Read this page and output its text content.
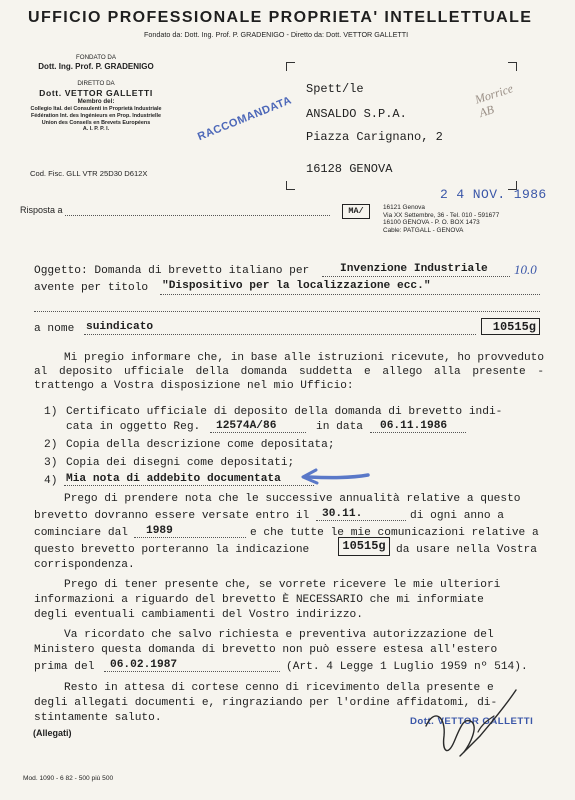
UFFICIO PROFESSIONALE PROPRIETA' INTELLETTUALE
Fondato da: Dott. Ing. Prof. P. GRADENIGO - Diretto da: Dott. VETTOR GALLETTI
FONDATO DA
Dott. Ing. Prof. P. GRADENIGO
DIRETTO DA
Dott. VETTOR GALLETTI
Membro del:
Collegio Ital. dei Consulenti in Proprietà Industriale
Fédération Int. des Ingénieurs en Prop. Industrielle
Union des Conseils en Brevets Européens
A. I. P. P. I.
Cod. Fisc. GLL VTR 25D30 D612X
RACCOMANDATA
Spett/le
ANSALDO S.P.A.
Piazza Carignano, 2
16128 GENOVA
Morrice AB
2 4 NOV. 1986
Risposta a	MA/	16121 Genova
Via XX Settembre, 36 - Tel. 010 - 591677
16100 GENOVA - P. O. BOX 1473
Cable: PATGALL - GENOVA
Oggetto: Domanda di brevetto italiano per	Invenzione Industriale 10.0
avente per titolo "Dispositivo per la localizzazione ecc."
a nome suindicato	10515g
Mi pregio informare che, in base alle istruzioni ricevute, ho provveduto al deposito ufficiale della domanda suddetta e allego alla presente - trattengo a Vostra disposizione nel mio Ufficio:
1) Certificato ufficiale di deposito della domanda di brevetto indi-
cata in oggetto Reg. 12574A/86	in data 06.11.1986
2) Copia della descrizione come depositata;
3) Copia dei disegni come depositati;
4) Mia nota di addebito documentata
Prego di prendere nota che le successive annualità relative a questo
brevetto dovranno essere versate entro il 30.11.	di ogni anno a
cominciare dal 1989	e che tutte le mie comunicazioni relative a
questo brevetto porteranno la indicazione	10515g da usare nella Vostra
corrispondenza.
Prego di tener presente che, se vorrete ricevere le mie ulteriori
informazioni a riguardo del brevetto È NECESSARIO che mi informiate
degli eventuali cambiamenti del Vostro indirizzo.
Va ricordato che salvo richiesta e preventiva autorizzazione del
Ministero questa domanda di brevetto non può essere estesa all'estero
prima del 06.02.1987	(Art. 4 Legge 1 Luglio 1959 nº 514).
Resto in attesa di cortese cenno di ricevimento della presente e
degli allegati documenti e, ringraziando per l'ordine affidatomi, di-
stintamente saluto.
(Allegati)
Dott. VETTOR GALLETTI
Mod. 1090 - 6 82 - 500 più 500
